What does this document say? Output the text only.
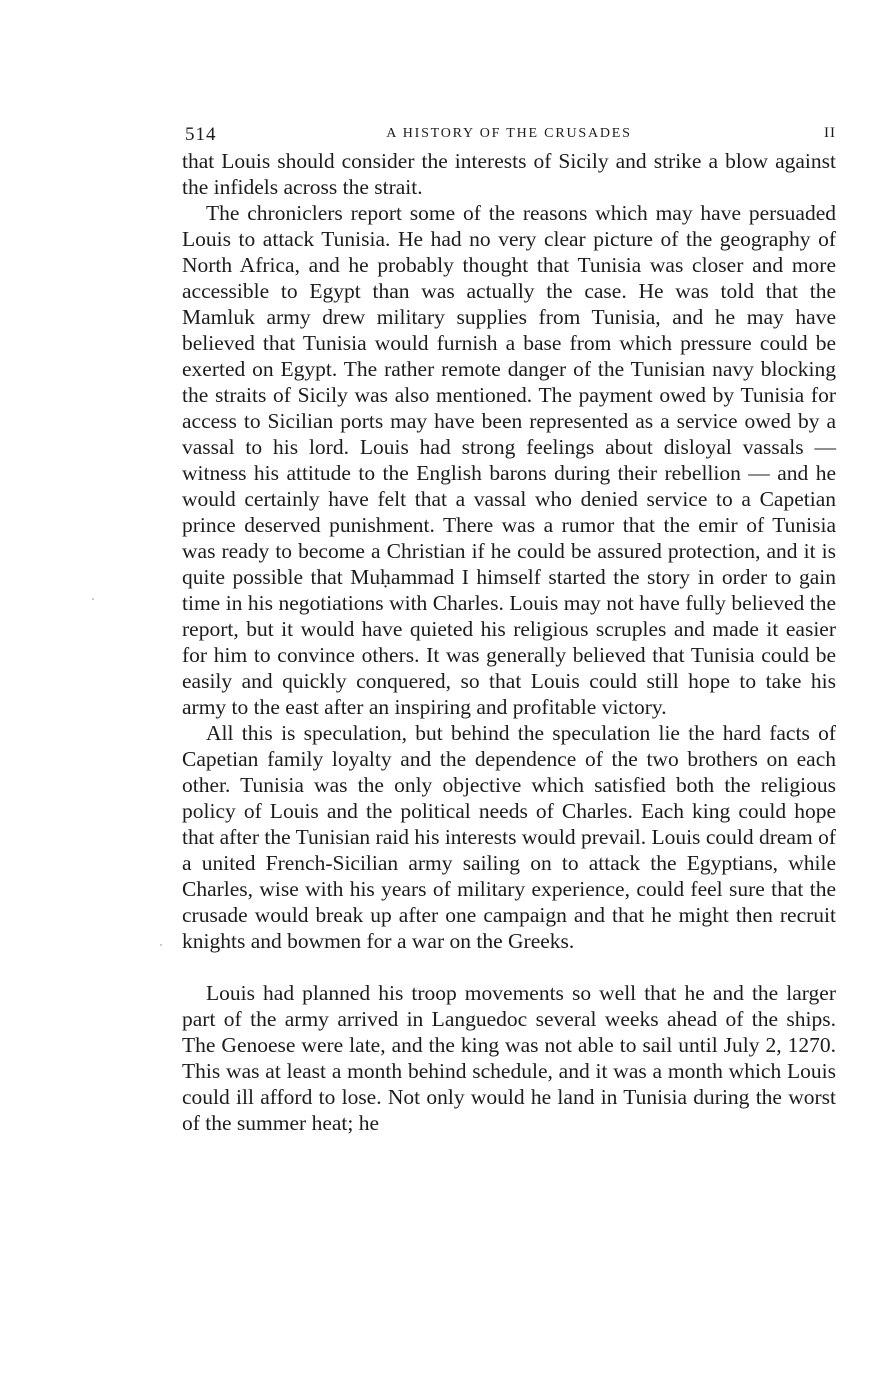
514	A HISTORY OF THE CRUSADES	II

that Louis should consider the interests of Sicily and strike a blow against the infidels across the strait.

The chroniclers report some of the reasons which may have persuaded Louis to attack Tunisia. He had no very clear picture of the geography of North Africa, and he probably thought that Tunisia was closer and more accessible to Egypt than was actually the case. He was told that the Mamluk army drew military supplies from Tunisia, and he may have believed that Tunisia would furnish a base from which pressure could be exerted on Egypt. The rather remote danger of the Tunisian navy blocking the straits of Sicily was also mentioned. The payment owed by Tunisia for access to Sicilian ports may have been represented as a service owed by a vassal to his lord. Louis had strong feelings about disloyal vassals — witness his attitude to the English barons during their rebellion — and he would certainly have felt that a vassal who denied service to a Capetian prince deserved punishment. There was a rumor that the emir of Tunisia was ready to become a Christian if he could be assured protection, and it is quite possible that Muḥammad I himself started the story in order to gain time in his negotiations with Charles. Louis may not have fully believed the report, but it would have quieted his religious scruples and made it easier for him to convince others. It was generally believed that Tunisia could be easily and quickly conquered, so that Louis could still hope to take his army to the east after an inspiring and profitable victory.

All this is speculation, but behind the speculation lie the hard facts of Capetian family loyalty and the dependence of the two brothers on each other. Tunisia was the only objective which satisfied both the religious policy of Louis and the political needs of Charles. Each king could hope that after the Tunisian raid his interests would prevail. Louis could dream of a united French-Sicilian army sailing on to attack the Egyptians, while Charles, wise with his years of military experience, could feel sure that the crusade would break up after one campaign and that he might then recruit knights and bowmen for a war on the Greeks.

Louis had planned his troop movements so well that he and the larger part of the army arrived in Languedoc several weeks ahead of the ships. The Genoese were late, and the king was not able to sail until July 2, 1270. This was at least a month behind schedule, and it was a month which Louis could ill afford to lose. Not only would he land in Tunisia during the worst of the summer heat; he
